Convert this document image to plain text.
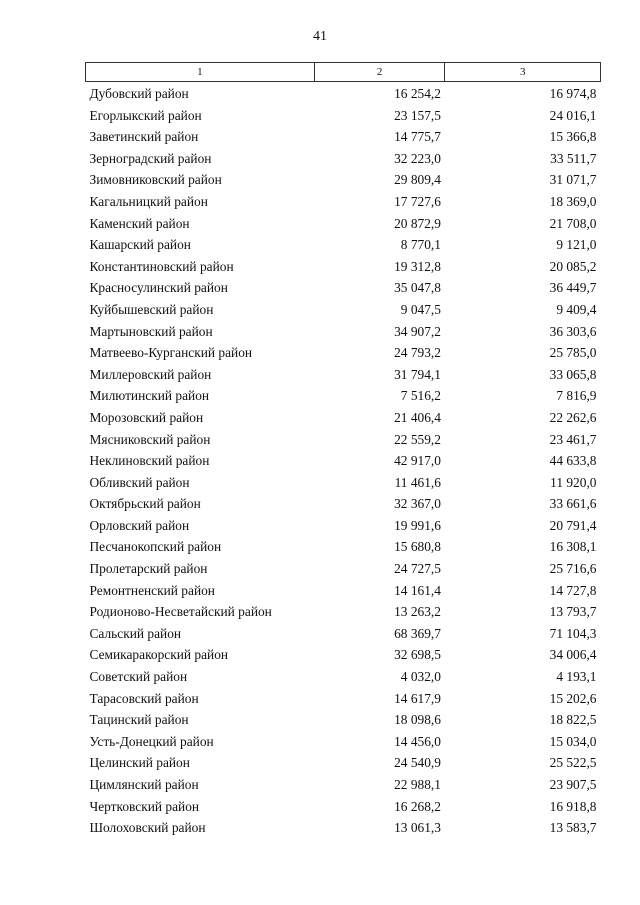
41
1	2	3
Дубовский район	16 254,2	16 974,8
Егорлыкский район	23 157,5	24 016,1
Заветинский район	14 775,7	15 366,8
Зерноградский район	32 223,0	33 511,7
Зимовниковский район	29 809,4	31 071,7
Кагальницкий район	17 727,6	18 369,0
Каменский район	20 872,9	21 708,0
Кашарский район	8 770,1	9 121,0
Константиновский район	19 312,8	20 085,2
Красносулинский район	35 047,8	36 449,7
Куйбышевский район	9 047,5	9 409,4
Мартыновский район	34 907,2	36 303,6
Матвеево-Курганский район	24 793,2	25 785,0
Миллеровский район	31 794,1	33 065,8
Милютинский район	7 516,2	7 816,9
Морозовский район	21 406,4	22 262,6
Мясниковский район	22 559,2	23 461,7
Неклиновский район	42 917,0	44 633,8
Обливский район	11 461,6	11 920,0
Октябрьский район	32 367,0	33 661,6
Орловский район	19 991,6	20 791,4
Песчанокопский район	15 680,8	16 308,1
Пролетарский район	24 727,5	25 716,6
Ремонтненский район	14 161,4	14 727,8
Родионово-Несветайский район	13 263,2	13 793,7
Сальский район	68 369,7	71 104,3
Семикаракорский район	32 698,5	34 006,4
Советский район	4 032,0	4 193,1
Тарасовский район	14 617,9	15 202,6
Тацинский район	18 098,6	18 822,5
Усть-Донецкий район	14 456,0	15 034,0
Целинский район	24 540,9	25 522,5
Цимлянский район	22 988,1	23 907,5
Чертковский район	16 268,2	16 918,8
Шолоховский район	13 061,3	13 583,7
